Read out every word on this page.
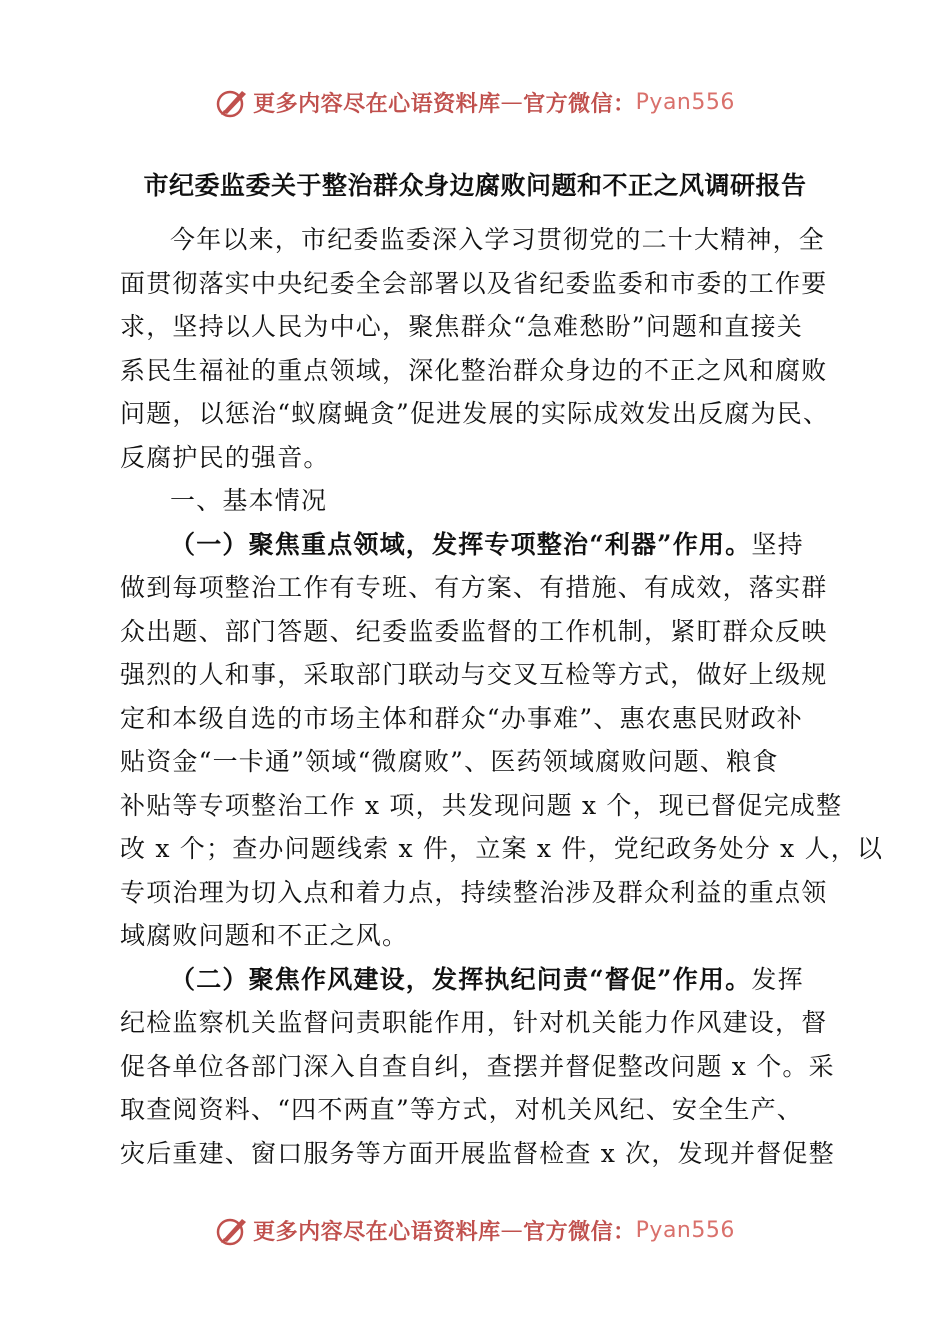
更多内容尽在心语资料库 — 官方微信： Pyan556
市纪委监委关于整治群众身边腐败问题和不正之风调研报告
今年以来，市纪委监委深入学习贯彻党的二十大精神，全
面贯彻落实中央纪委全会部署以及省纪委监委和市委的工作要
求，坚持以人民为中心，聚焦群众“急难愁盼”问题和直接关
系民生福祉的重点领域，深化整治群众身边的不正之风和腐败
问题，以惩治“蚁腐蝇贪”促进发展的实际成效发出反腐为民、
反腐护民的强音。
一、基本情况
（一）聚焦重点领域，发挥专项整治“利器”作用。坚持
做到每项整治工作有专班、有方案、有措施、有成效，落实群
众出题、部门答题、纪委监委监督的工作机制，紧盯群众反映
强烈的人和事，采取部门联动与交叉互检等方式，做好上级规
定和本级自选的市场主体和群众“办事难”、惠农惠民财政补
贴资金“一卡通”领域“微腐败”、医药领域腐败问题、粮食
补贴等专项整治工作 x 项，共发现问题 x 个，现已督促完成整
改 x 个；查办问题线索 x 件，立案 x 件，党纪政务处分 x 人，以
专项治理为切入点和着力点，持续整治涉及群众利益的重点领
域腐败问题和不正之风。
（二）聚焦作风建设，发挥执纪问责“督促”作用。发挥
纪检监察机关监督问责职能作用，针对机关能力作风建设，督
促各单位各部门深入自查自纠，查摆并督促整改问题 x 个。采
取查阅资料、“四不两直”等方式，对机关风纪、安全生产、
灾后重建、窗口服务等方面开展监督检查 x 次，发现并督促整
更多内容尽在心语资料库 — 官方微信： Pyan556
